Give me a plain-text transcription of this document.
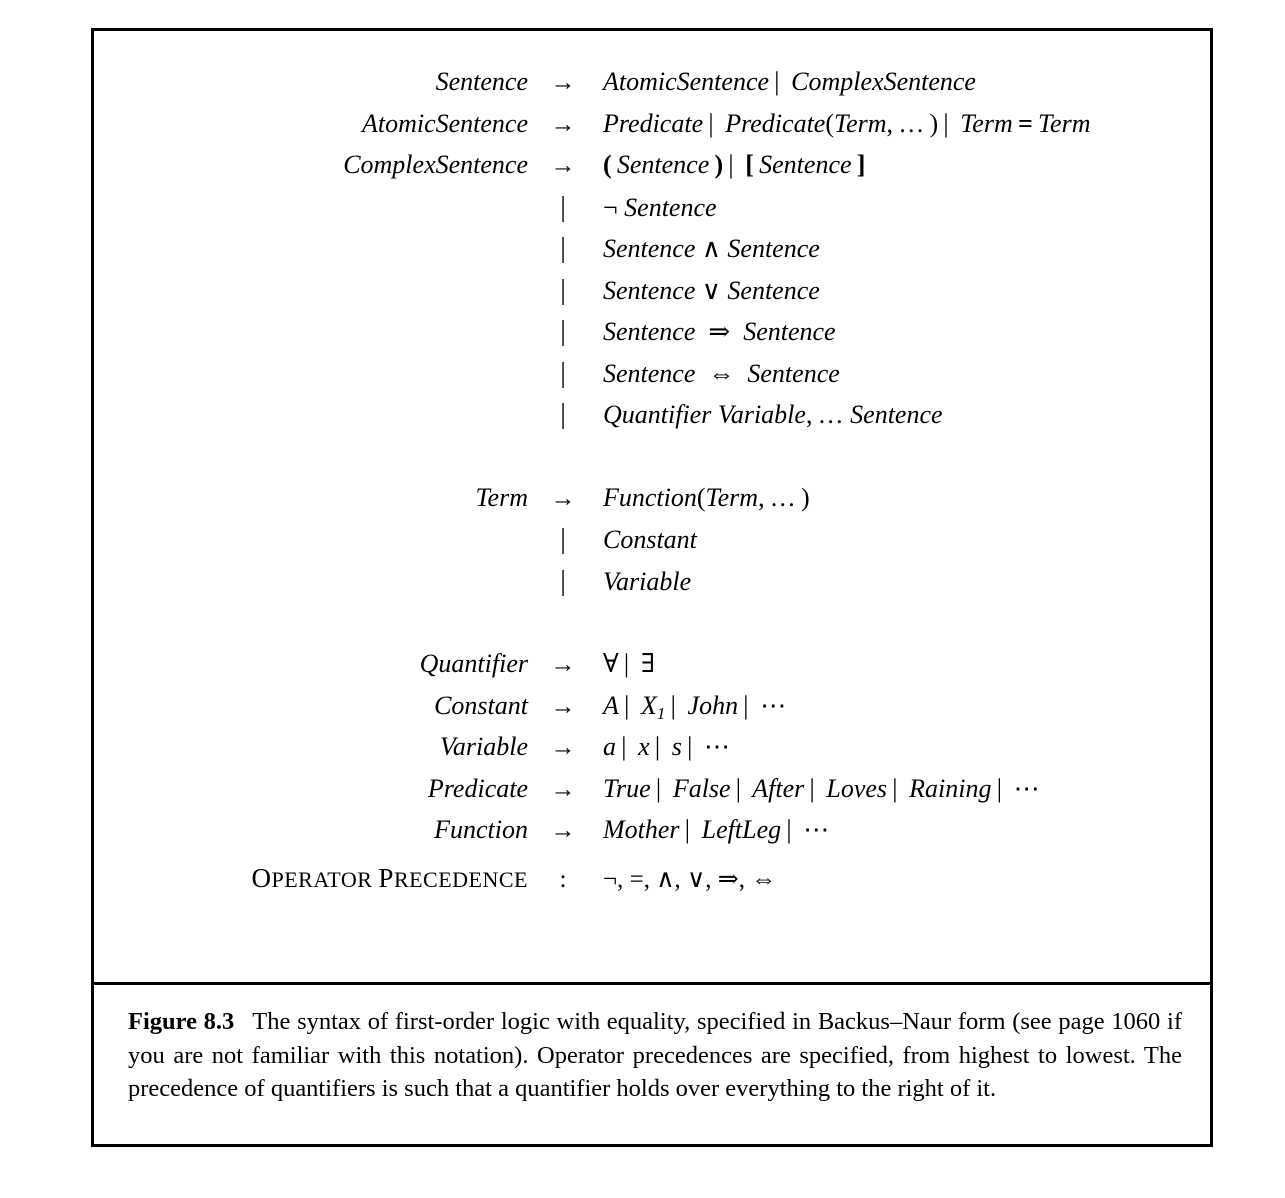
Sentence →	AtomicSentence |  ComplexSentence
AtomicSentence →	Predicate |  Predicate(Term, … ) |  Term = Term
ComplexSentence →	( Sentence ) |  [ Sentence ]
|	¬ Sentence
|	Sentence ∧ Sentence
|	Sentence ∨ Sentence
|	Sentence  ⇒  Sentence
|	Sentence  ⇔  Sentence
|	Quantifier Variable, … Sentence
Term →	Function(Term, … )
|	Constant
|	Variable
Quantifier →	∀ |  ∃
Constant →	A |  $X_1$ |  John |  ⋯
Variable →	a |  x |  s |  ⋯
Predicate →	True |  False |  After |  Loves |  Raining |  ⋯
Function →	Mother |  LeftLeg |  ⋯
OPERATOR PRECEDENCE	:	¬, =, ∧, ∨, ⇒, ⇔
Figure 8.3 The syntax of first-order logic with equality, specified in Backus–Naur form (see page 1060 if you are not familiar with this notation). Operator precedences are specified, from highest to lowest. The precedence of quantifiers is such that a quantifier holds over everything to the right of it.
